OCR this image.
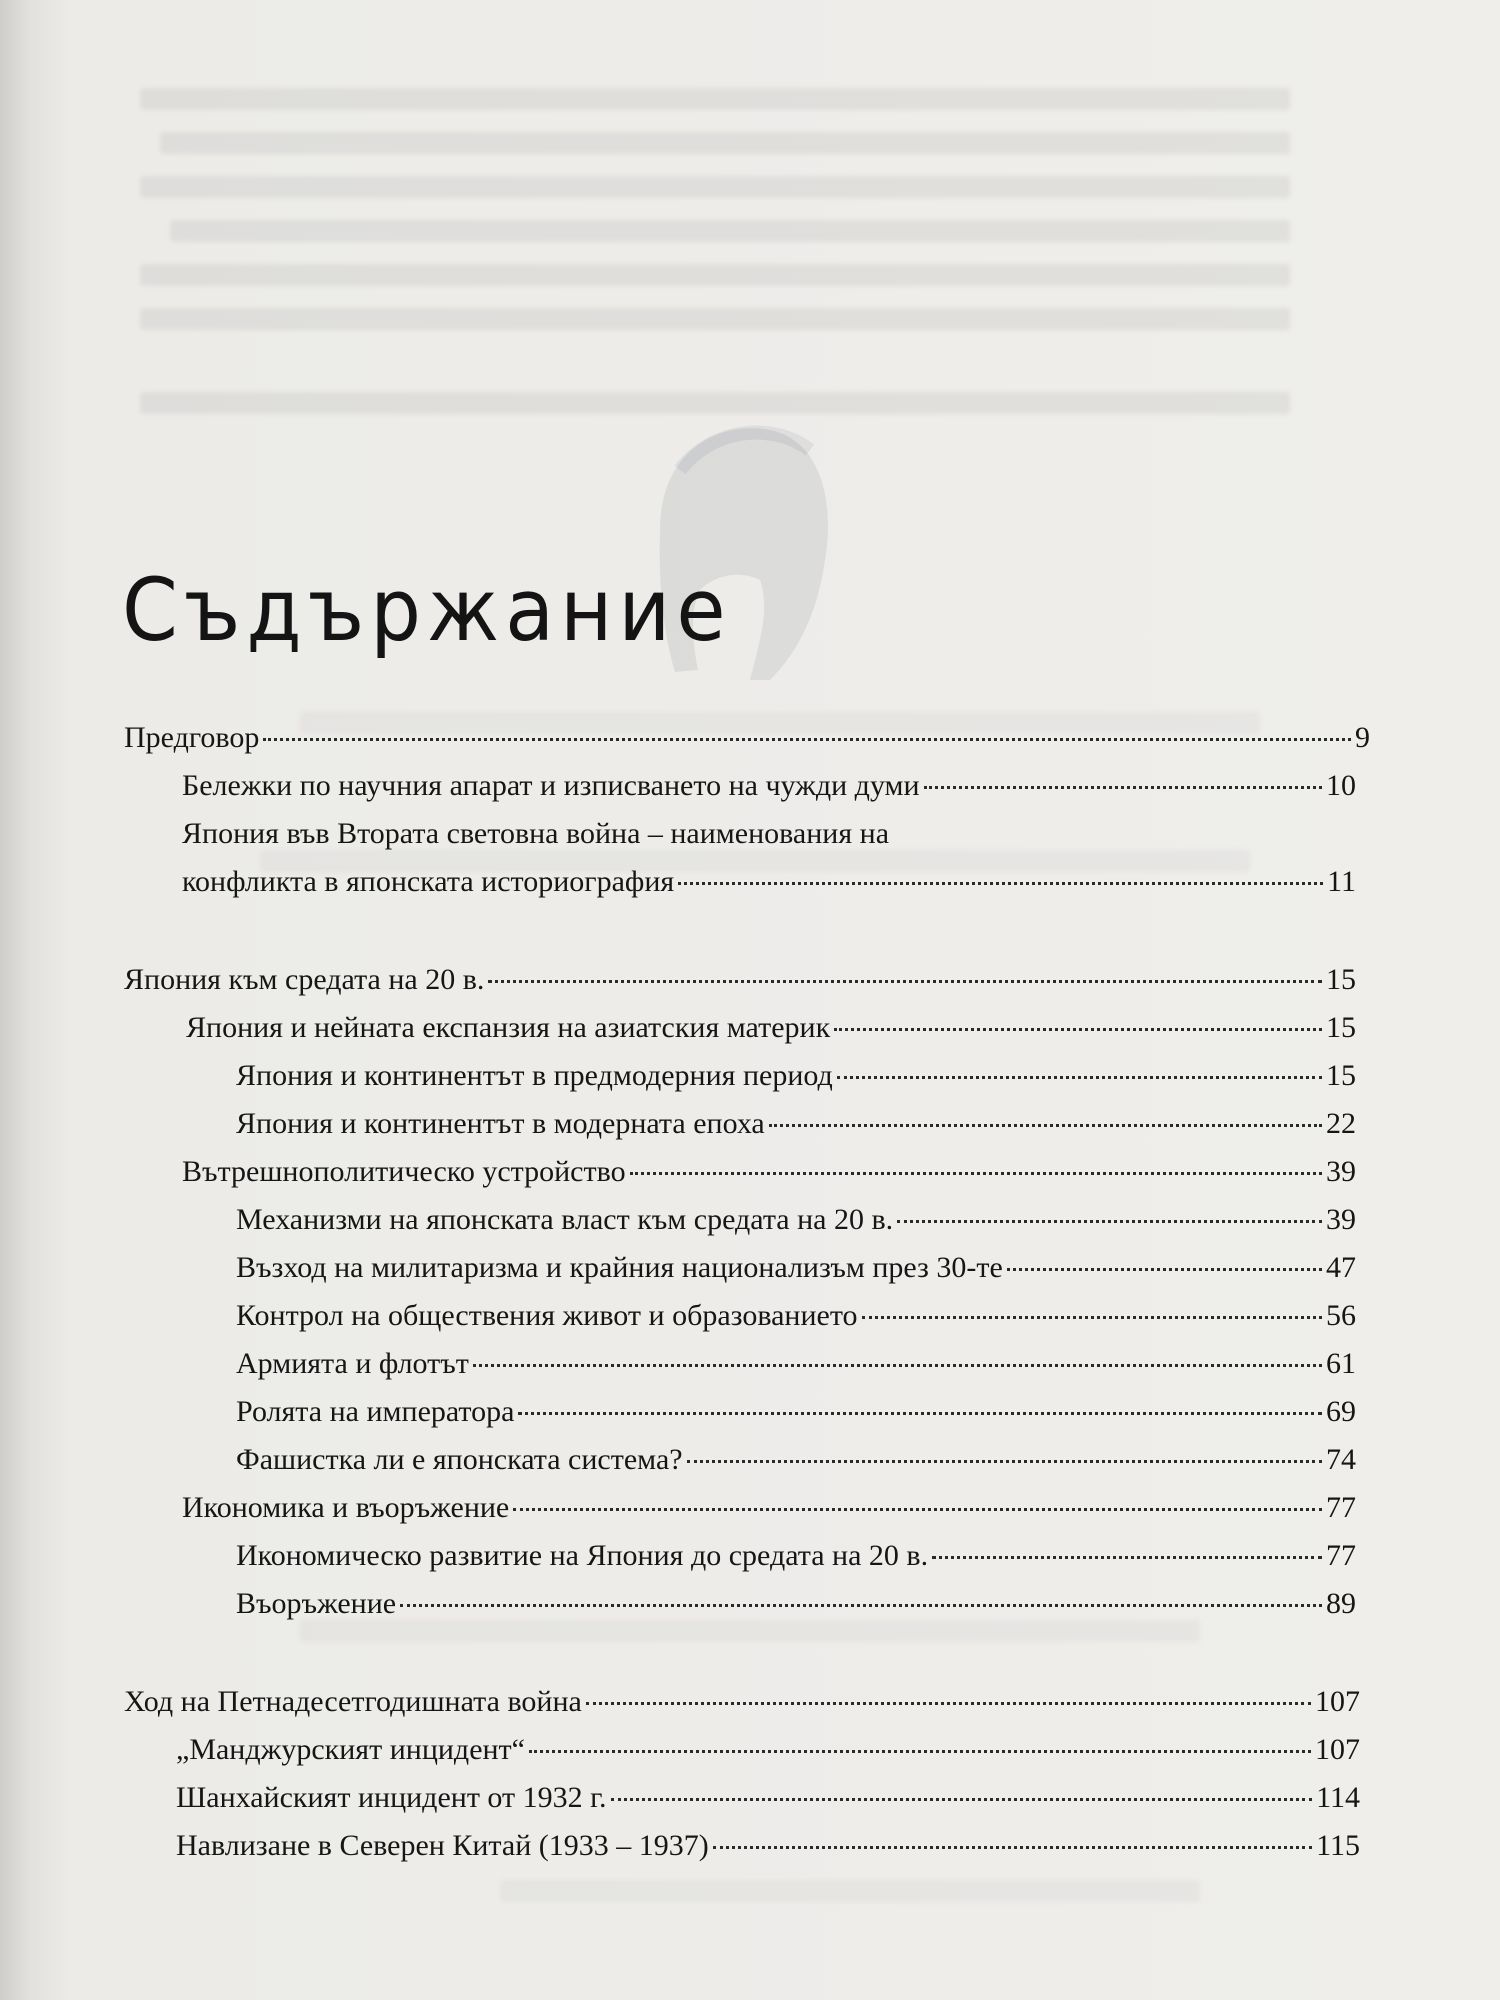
Съдържание
Предговор	9
Бележки по научния апарат и изписването на чужди думи	10
Япония във Втората световна война – наименования на
конфликта в японската историография	11
Япония към средата на 20 в.	15
Япония и нейната експанзия на азиатския материк	15
Япония и континентът в предмодерния период	15
Япония и континентът в модерната епоха	22
Вътрешнополитическо устройство	39
Механизми на японската власт към средата на 20 в.	39
Възход на милитаризма и крайния национализъм през 30-те	47
Контрол на обществения живот и образованието	56
Армията и флотът	61
Ролята на императора	69
Фашистка ли е японската система?	74
Икономика и въоръжение	77
Икономическо развитие на Япония до средата на 20 в.	77
Въоръжение	89
Ход на Петнадесетгодишната война	107
„Манджурският инцидент“	107
Шанхайският инцидент от 1932 г.	114
Навлизане в Северен Китай (1933 – 1937)	115
